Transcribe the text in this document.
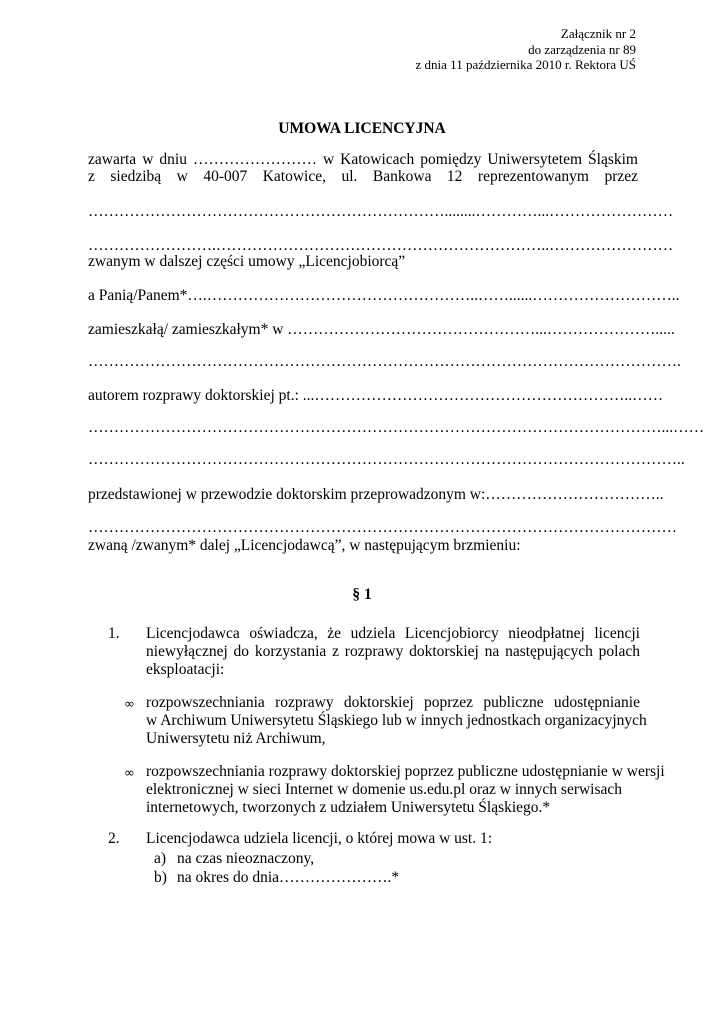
Załącznik nr 2
do zarządzenia nr 89
z dnia 11 października 2010 r. Rektora UŚ
UMOWA LICENCYJNA
zawarta w dniu …………………… w Katowicach pomiędzy Uniwersytetem Śląskim
z siedzibą w 40-007 Katowice, ul. Bankowa 12 reprezentowanym przez
……………………………………………………………........…………...……………………
…………………….………………………………………………………..……………………
zwanym w dalszej części umowy „Licencjobiorcą”
a Panią/Panem*….……………………………………………..……......………………………..
zamieszkałą/ zamieszkałym* w …………………………………………...………………….....
…………………………………………………………………………………………………….
autorem rozprawy doktorskiej pt.: ...……………………………………………………..……
…………………………………………………………………………………………………...……
……………………………………………………………………………………………………..
przedstawionej w przewodzie doktorskim przeprowadzonym w:……………………………..
……………………………………………………………………………………………………
zwaną /zwanym* dalej „Licencjodawcą”, w następującym brzmieniu:
§ 1
1. Licencjodawca oświadcza, że udziela Licencjobiorcy nieodpłatnej licencji
niewyłącznej do korzystania z rozprawy doktorskiej na następujących polach
eksploatacji:
∞ rozpowszechniania rozprawy doktorskiej poprzez publiczne udostępnianie
w Archiwum Uniwersytetu Śląskiego lub w innych jednostkach organizacyjnych
Uniwersytetu niż Archiwum,
∞ rozpowszechniania rozprawy doktorskiej poprzez publiczne udostępnianie w wersji
elektronicznej w sieci Internet w domenie us.edu.pl oraz w innych serwisach
internetowych, tworzonych z udziałem Uniwersytetu Śląskiego.*
2. Licencjodawca udziela licencji, o której mowa w ust. 1:
a) na czas nieoznaczony,
b) na okres do dnia………………….*
